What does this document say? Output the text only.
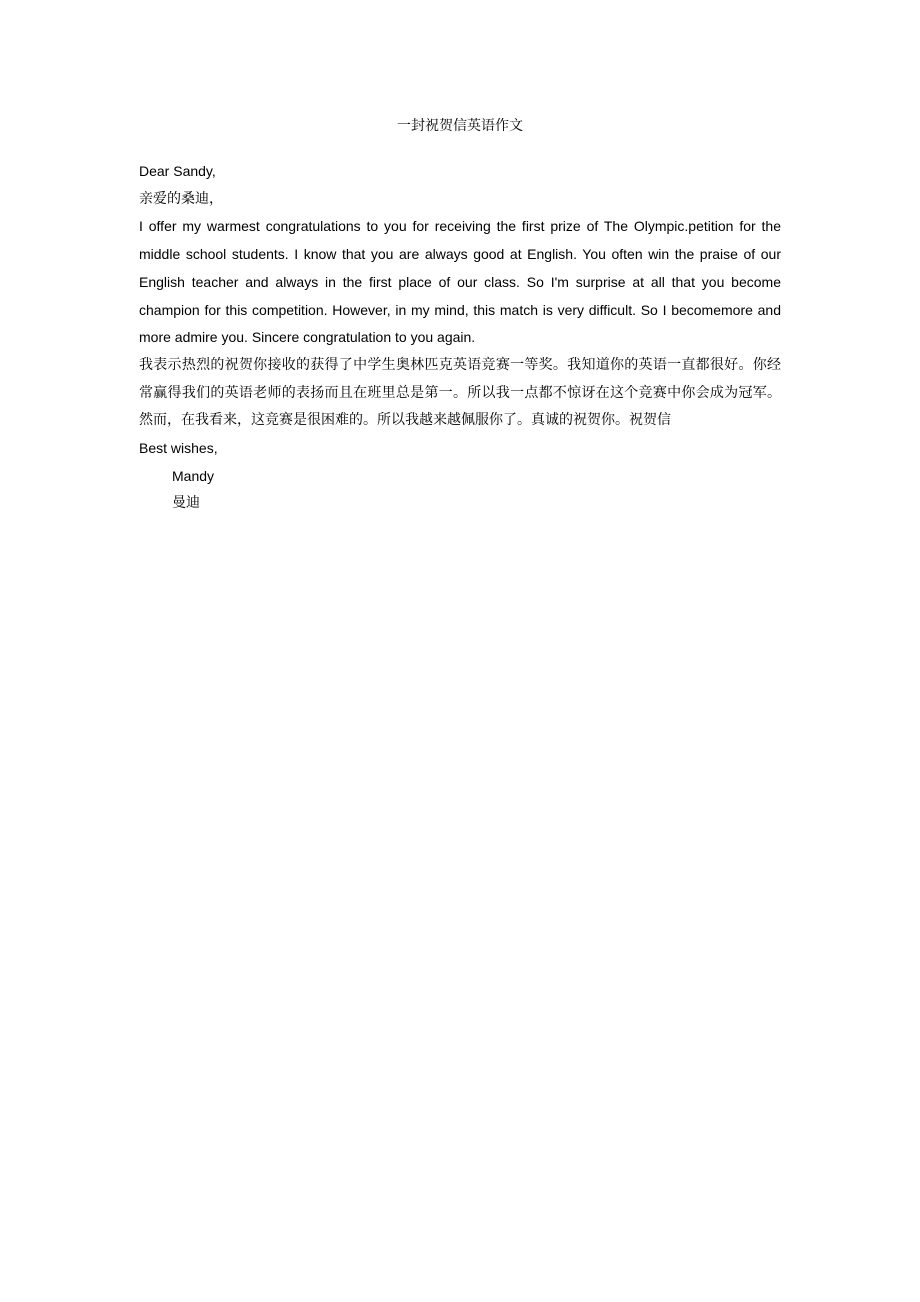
一封祝贺信英语作文
Dear Sandy,
亲爱的桑迪，
I offer my warmest congratulations to you for receiving the first prize of The Olympic.petition for the middle school students. I know that you are always good at English. You often win the praise of our English teacher and always in the first place of our class. So I'm surprise at all that you become champion for this competition. However, in my mind, this match is very difficult. So I becomemore and more admire you. Sincere congratulation to you again.
我表示热烈的祝贺你接收的获得了中学生奥林匹克英语竞赛一等奖。我知道你的英语一直都很好。你经常赢得我们的英语老师的表扬而且在班里总是第一。所以我一点都不惊讶在这个竞赛中你会成为冠军。然而，在我看来，这竞赛是很困难的。所以我越来越佩服你了。真诚的祝贺你。祝贺信
Best wishes,
Mandy
曼迪
